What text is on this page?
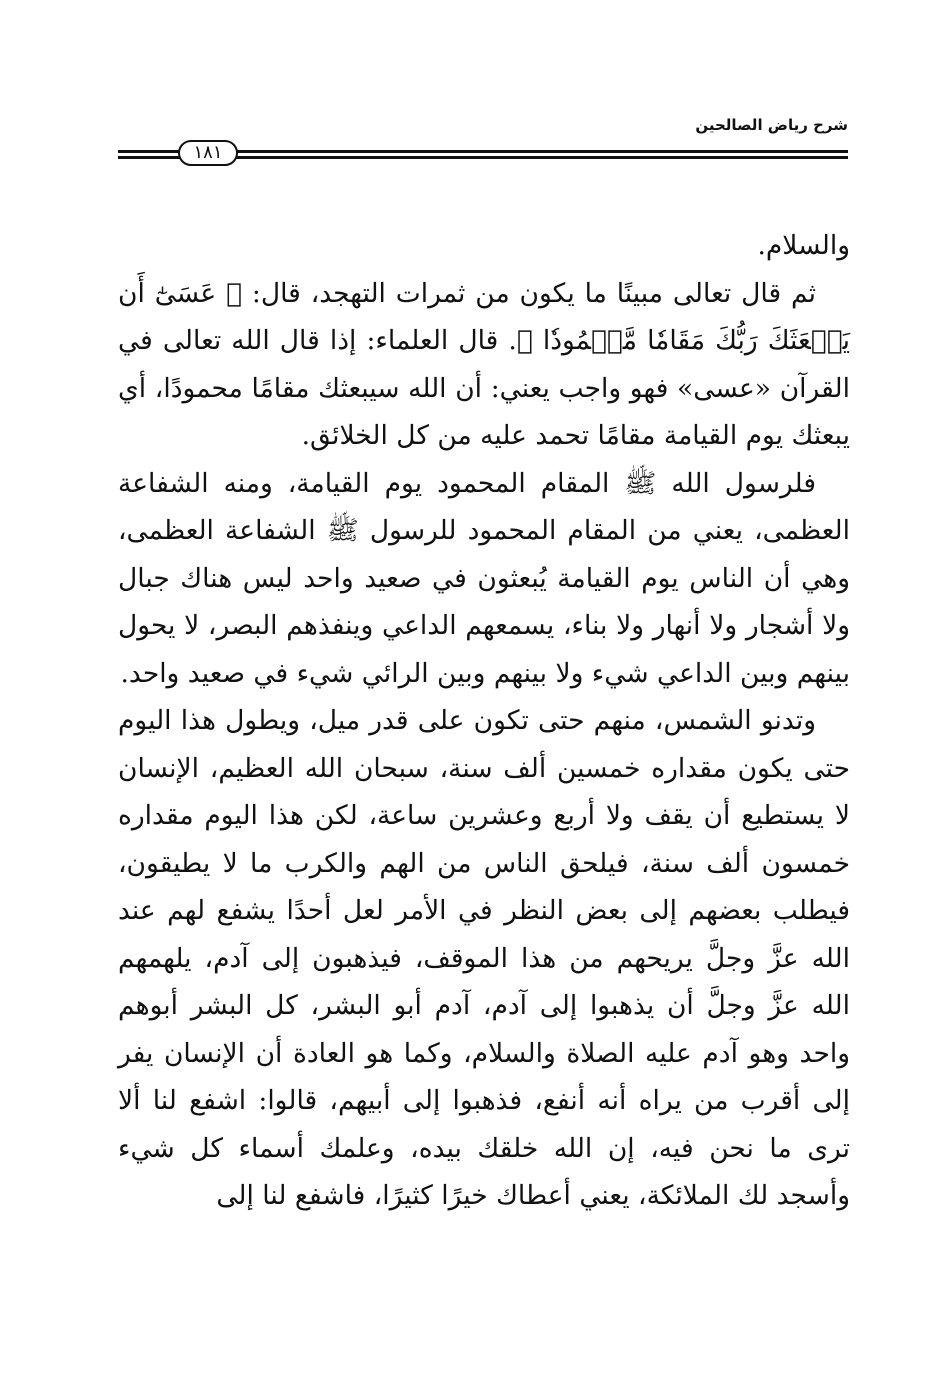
شرح رياض الصالحين
١٨١

والسلام.

ثم قال تعالى مبينًا ما يكون من ثمرات التهجد، قال: ﴿ عَسَىٰٓ أَن يَبۡعَثَكَ رَبُّكَ مَقَامٗا مَّحۡمُودٗا ﴾. قال العلماء: إذا قال الله تعالى في القرآن «عسى» فهو واجب يعني: أن الله سيبعثك مقامًا محمودًا، أي يبعثك يوم القيامة مقامًا تحمد عليه من كل الخلائق.

فلرسول الله ﷺ المقام المحمود يوم القيامة، ومنه الشفاعة العظمى، يعني من المقام المحمود للرسول ﷺ الشفاعة العظمى، وهي أن الناس يوم القيامة يُبعثون في صعيد واحد ليس هناك جبال ولا أشجار ولا أنهار ولا بناء، يسمعهم الداعي وينفذهم البصر، لا يحول بينهم وبين الداعي شيء ولا بينهم وبين الرائي شيء في صعيد واحد.

وتدنو الشمس، منهم حتى تكون على قدر ميل، ويطول هذا اليوم حتى يكون مقداره خمسين ألف سنة، سبحان الله العظيم، الإنسان لا يستطيع أن يقف ولا أربع وعشرين ساعة، لكن هذا اليوم مقداره خمسون ألف سنة، فيلحق الناس من الهم والكرب ما لا يطيقون، فيطلب بعضهم إلى بعض النظر في الأمر لعل أحدًا يشفع لهم عند الله عزَّ وجلَّ يريحهم من هذا الموقف، فيذهبون إلى آدم، يلهمهم الله عزَّ وجلَّ أن يذهبوا إلى آدم، آدم أبو البشر، كل البشر أبوهم واحد وهو آدم عليه الصلاة والسلام، وكما هو العادة أن الإنسان يفر إلى أقرب من يراه أنه أنفع، فذهبوا إلى أبيهم، قالوا: اشفع لنا ألا ترى ما نحن فيه، إن الله خلقك بيده، وعلمك أسماء كل شيء وأسجد لك الملائكة، يعني أعطاك خيرًا كثيرًا، فاشفع لنا إلى
